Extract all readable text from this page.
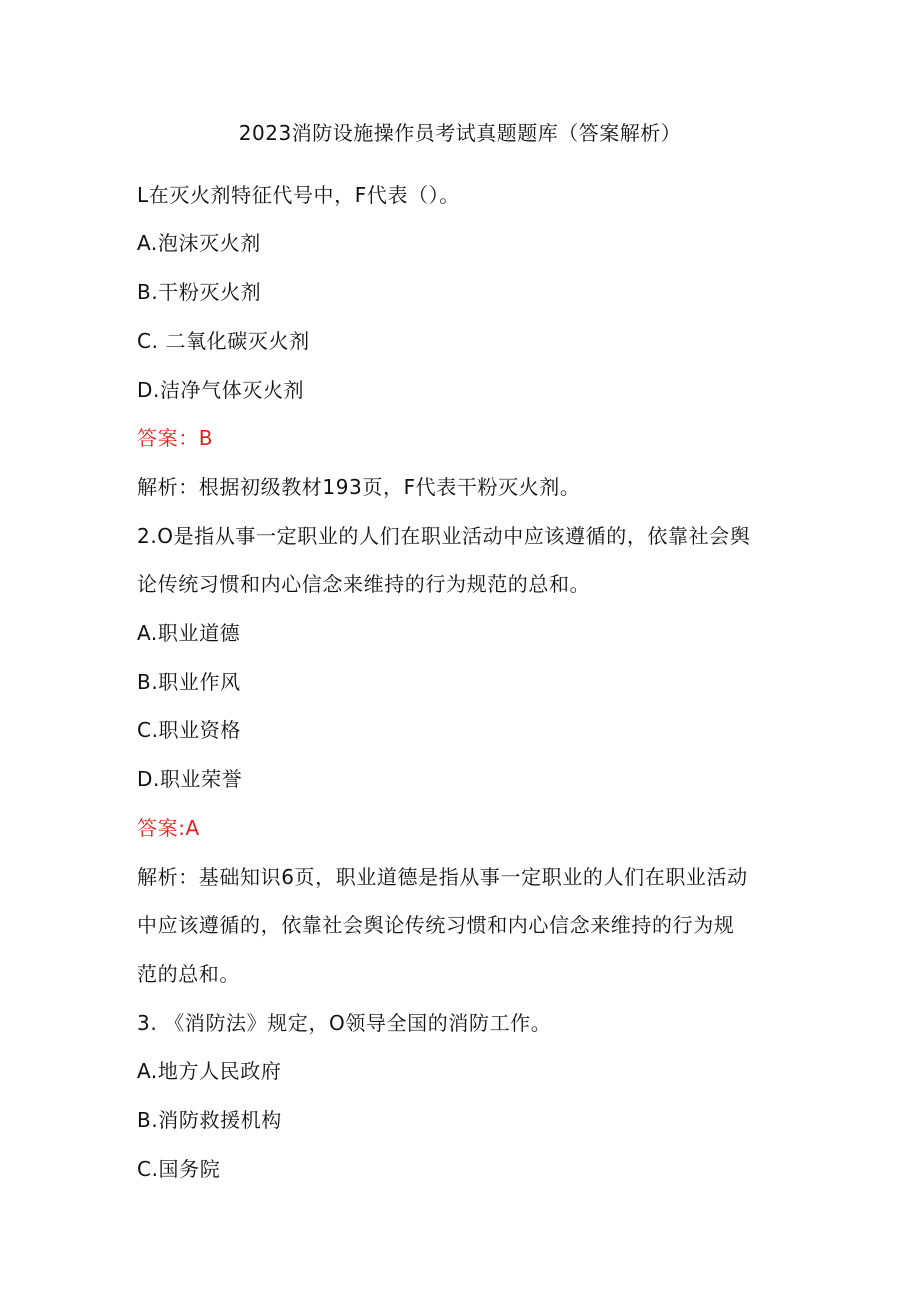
2023消防设施操作员考试真题题库（答案解析）
L在灭火剂特征代号中，F代表（）。
A.泡沫灭火剂
B.干粉灭火剂
C. 二氧化碳灭火剂
D.洁净气体灭火剂
答案：B
解析：根据初级教材193页，F代表干粉灭火剂。
2.O是指从事一定职业的人们在职业活动中应该遵循的，依靠社会舆
论传统习惯和内心信念来维持的行为规范的总和。
A.职业道德
B.职业作风
C.职业资格
D.职业荣誉
答案:A
解析：基础知识6页，职业道德是指从事一定职业的人们在职业活动
中应该遵循的，依靠社会舆论传统习惯和内心信念来维持的行为规
范的总和。
3. 《消防法》规定，O领导全国的消防工作。
A.地方人民政府
B.消防救援机构
C.国务院
